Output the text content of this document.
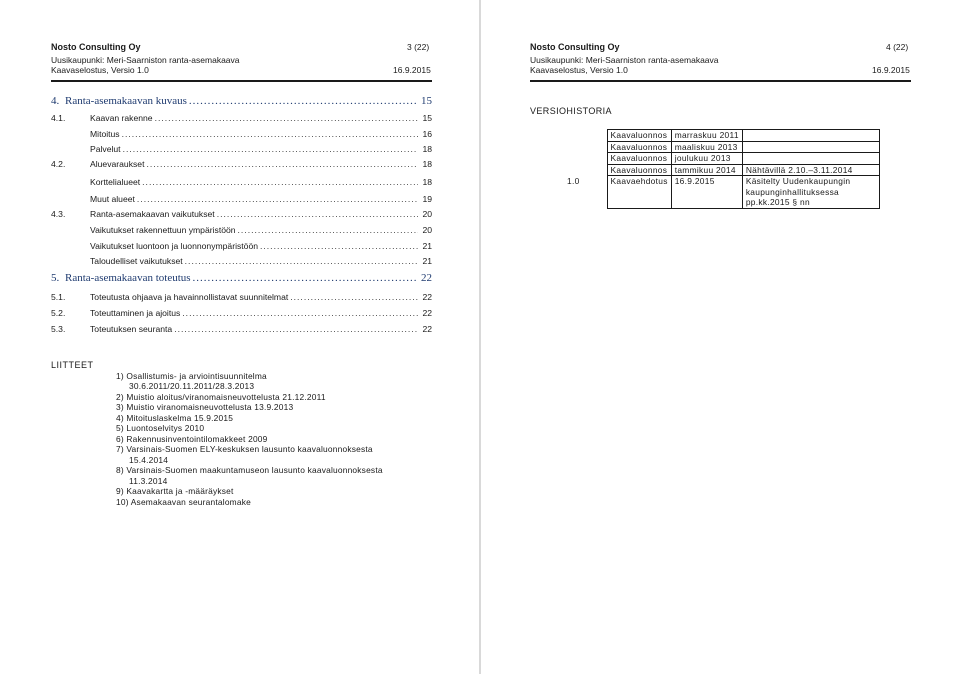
Nosto Consulting Oy	3 (22)
Uusikaupunki: Meri-Saarniston ranta-asemakaava
Kaavaselostus, Versio 1.0	16.9.2015
4. Ranta-asemakaavan kuvaus .....	15
4.1.	Kaavan rakenne .....	15
Mitoitus .....	16
Palvelut .....	18
4.2.	Aluevaraukset .....	18
Korttelialueet .....	18
Muut alueet .....	19
4.3.	Ranta-asemakaavan vaikutukset .....	20
Vaikutukset rakennettuun ympäristöön .....	20
Vaikutukset luontoon ja luonnonympäristöön .....	21
Taloudelliset vaikutukset .....	21
5. Ranta-asemakaavan toteutus .....	22
5.1.	Toteutusta ohjaava ja havainnollistavat suunnitelmat .....	22
5.2.	Toteuttaminen ja ajoitus .....	22
5.3.	Toteutuksen seuranta .....	22
LIITTEET
1) Osallistumis- ja arviointisuunnitelma
30.6.2011/20.11.2011/28.3.2013
2) Muistio aloitus/viranomaisneuvottelusta 21.12.2011
3) Muistio viranomaisneuvottelusta 13.9.2013
4) Mitoituslaskelma 15.9.2015
5) Luontoselvitys 2010
6) Rakennusinventointilomakkeet 2009
7) Varsinais-Suomen ELY-keskuksen lausunto kaavaluonnoksesta
15.4.2014
8) Varsinais-Suomen maakuntamuseon lausunto kaavaluonnoksesta
11.3.2014
9) Kaavakartta ja -määräykset
10) Asemakaavan seurantalomake
Nosto Consulting Oy	4 (22)
Uusikaupunki: Meri-Saarniston ranta-asemakaava
Kaavaselostus, Versio 1.0	16.9.2015
VERSIOHISTORIA
	Kaavaluonnos	marraskuu 2011	
	Kaavaluonnos	maaliskuu 2013	
	Kaavaluonnos	joulukuu 2013	
	Kaavaluonnos	tammikuu 2014	Nähtävillä 2.10.–3.11.2014
1.0	Kaavaehdotus	16.9.2015	Käsitelty Uudenkaupungin kaupunginhallituksessa pp.kk.2015 § nn
